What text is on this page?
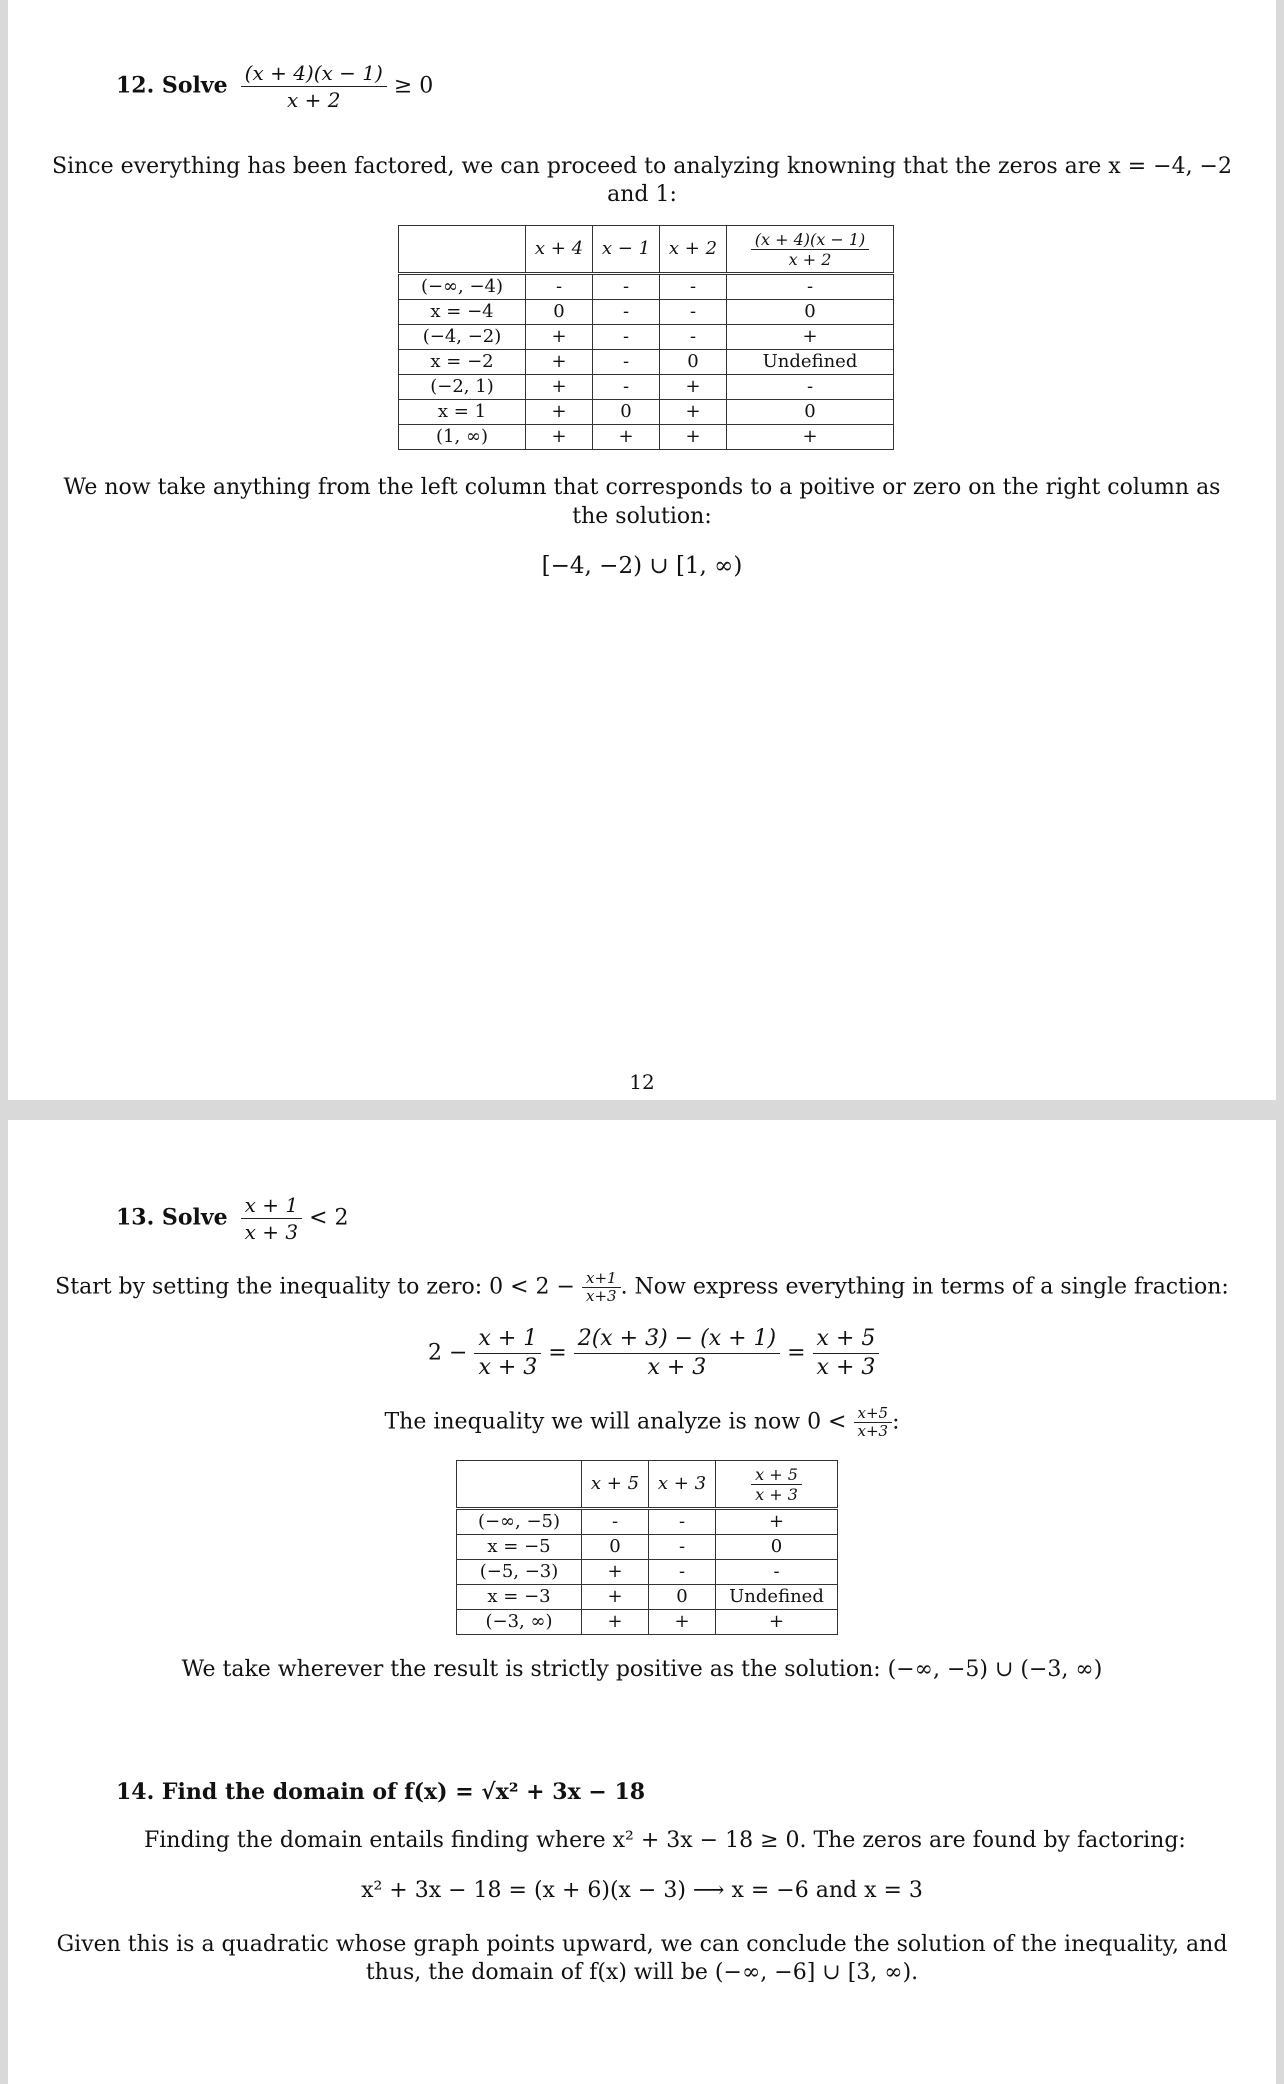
12. Solve $\frac{(x + 4)(x - 1)}{x + 2} \ge 0$
Since everything has been factored, we can proceed to analyzing knowning that the zeros are x = −4, −2
and 1:
	x + 4	x − 1	x + 2	$\frac{(x + 4)(x - 1)}{x + 2}$

(−∞, −4)	-	-	-	-
x = −4	0	-	-	0
(−4, −2)	+	-	-	+
x = −2	+	-	0	Undefined
(−2, 1)	+	-	+	-
x = 1	+	0	+	0
(1, ∞)	+	+	+	+
We now take anything from the left column that corresponds to a poitive or zero on the right column as
the solution:
[−4, −2) ∪ [1, ∞)
12
13. Solve $\frac{x + 1}{x + 3} < 2$
Start by setting the inequality to zero: $0 < 2 - \frac{x+1}{x+3}$ . Now express everything in terms of a single fraction:
$2 - \frac{x + 1}{x + 3} = \frac{2(x + 3) - (x + 1)}{x + 3} = \frac{x + 5}{x + 3}$
The inequality we will analyze is now $0 < \frac{x+5}{x+3}$ :
	x + 5	x + 3	$\frac{x + 5}{x + 3}$

(−∞, −5)	-	-	+
x = −5	0	-	0
(−5, −3)	+	-	-
x = −3	+	0	Undefined
(−3, ∞)	+	+	+
We take wherever the result is strictly positive as the solution: (−∞, −5) ∪ (−3, ∞)
14. Find the domain of f(x) = √x² + 3x − 18
Finding the domain entails finding where x² + 3x − 18 ≥ 0. The zeros are found by factoring:
x² + 3x − 18 = (x + 6)(x − 3) ⟶ x = −6 and x = 3
Given this is a quadratic whose graph points upward, we can conclude the solution of the inequality, and
thus, the domain of f(x) will be (−∞, −6] ∪ [3, ∞).
